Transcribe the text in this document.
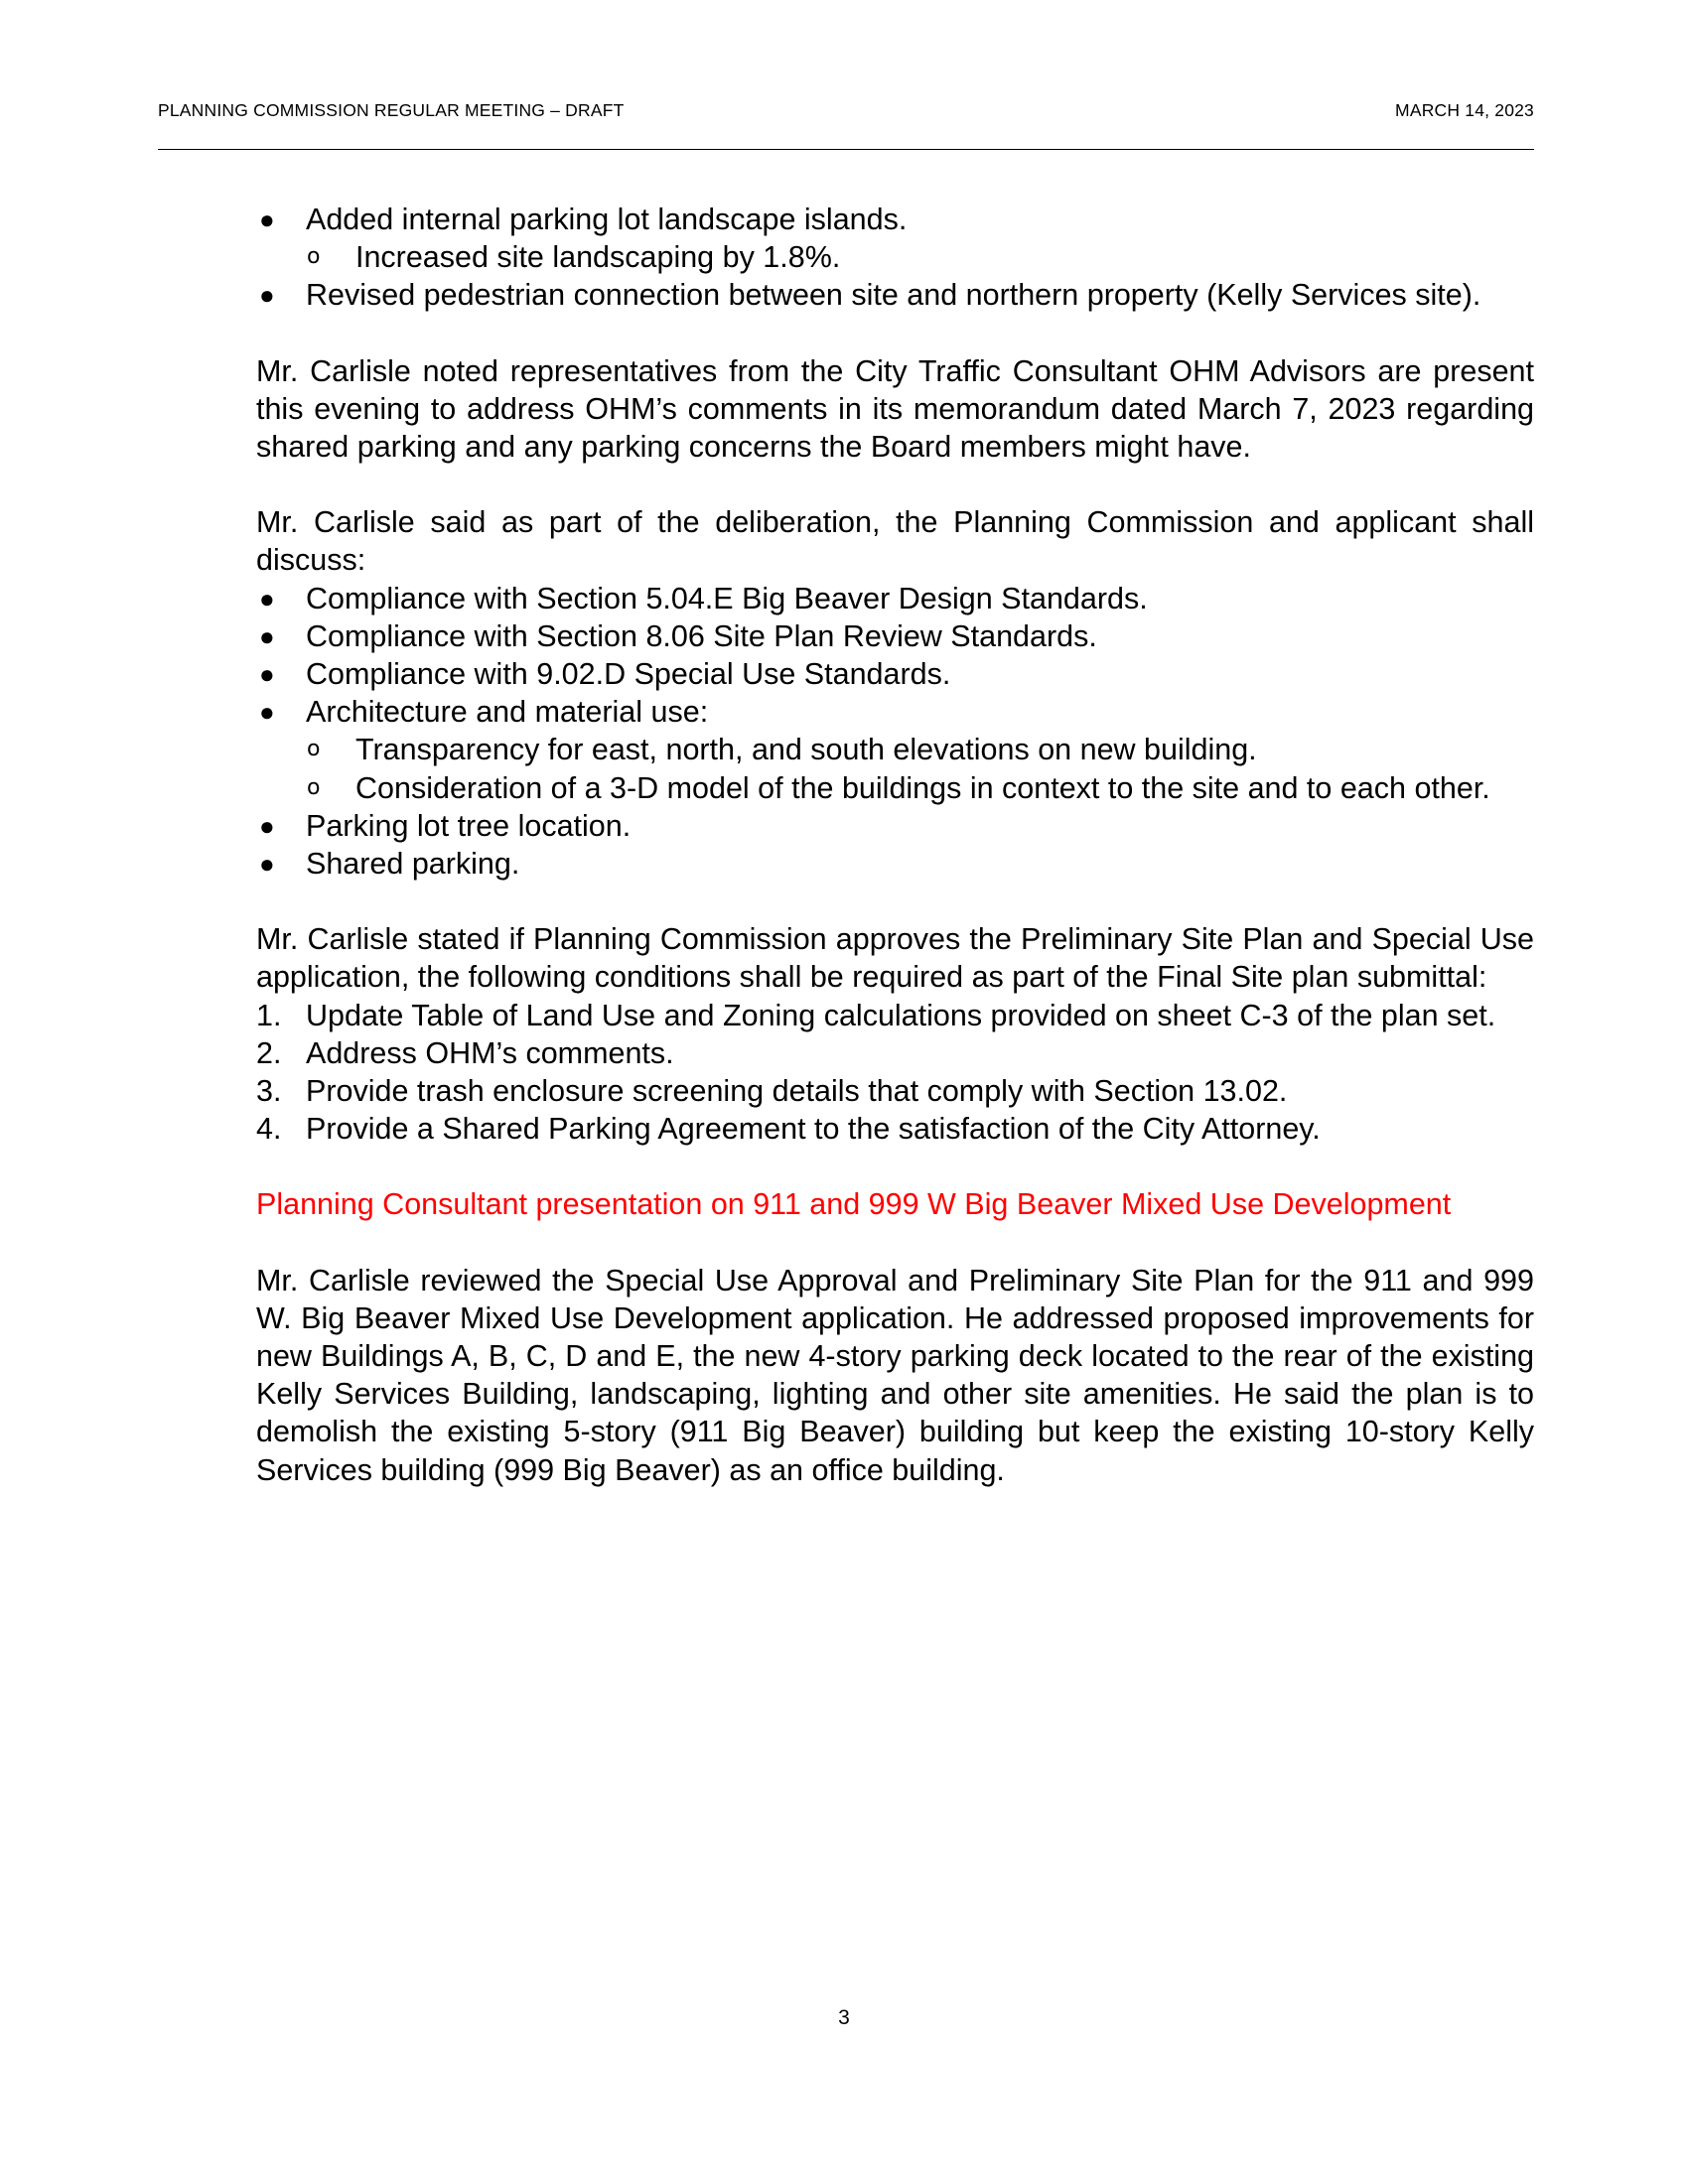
PLANNING COMMISSION REGULAR MEETING – DRAFT	MARCH 14, 2023
●	Added internal parking lot landscape islands.
o Increased site landscaping by 1.8%.
●	Revised pedestrian connection between site and northern property (Kelly Services site).

Mr. Carlisle noted representatives from the City Traffic Consultant OHM Advisors are present this evening to address OHM’s comments in its memorandum dated March 7, 2023 regarding shared parking and any parking concerns the Board members might have.

Mr. Carlisle said as part of the deliberation, the Planning Commission and applicant shall discuss:

●	Compliance with Section 5.04.E Big Beaver Design Standards.
●	Compliance with Section 8.06 Site Plan Review Standards.
●	Compliance with 9.02.D Special Use Standards.
●	Architecture and material use:
o Transparency for east, north, and south elevations on new building.
o Consideration of a 3-D model of the buildings in context to the site and to each other.
●	Parking lot tree location.
●	Shared parking.

Mr. Carlisle stated if Planning Commission approves the Preliminary Site Plan and Special Use application, the following conditions shall be required as part of the Final Site plan submittal:

1. Update Table of Land Use and Zoning calculations provided on sheet C-3 of the plan set.
2. Address OHM’s comments.
3. Provide trash enclosure screening details that comply with Section 13.02.
4. Provide a Shared Parking Agreement to the satisfaction of the City Attorney.

Planning Consultant presentation on 911 and 999 W Big Beaver Mixed Use Development

Mr. Carlisle reviewed the Special Use Approval and Preliminary Site Plan for the 911 and 999 W. Big Beaver Mixed Use Development application. He addressed proposed improvements for new Buildings A, B, C, D and E, the new 4-story parking deck located to the rear of the existing Kelly Services Building, landscaping, lighting and other site amenities. He said the plan is to demolish the existing 5-story (911 Big Beaver) building but keep the existing 10-story Kelly Services building (999 Big Beaver) as an office building.

3
